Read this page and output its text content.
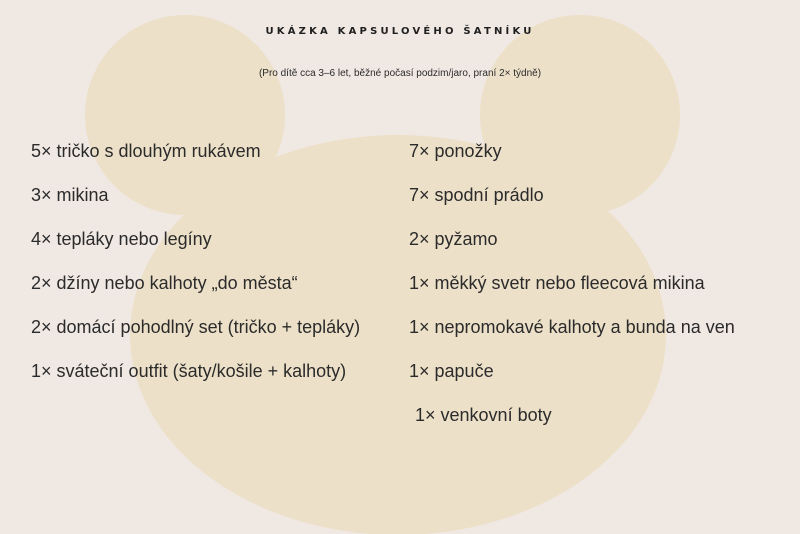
UKÁZKA KAPSULOVÉHO ŠATNÍKU
(Pro dítě cca 3–6 let, běžné počasí podzim/jaro, praní 2× týdně)
5× tričko s dlouhým rukávem
3× mikina
4× tepláky nebo legíny
2× džíny nebo kalhoty „do města“
2× domácí pohodlný set (tričko + tepláky)
1× sváteční outfit (šaty/košile + kalhoty)
7× ponožky
7× spodní prádlo
2× pyžamo
1× měkký svetr nebo fleecová mikina
1× nepromokavé kalhoty a bunda na ven
1× papuče
1× venkovní boty
